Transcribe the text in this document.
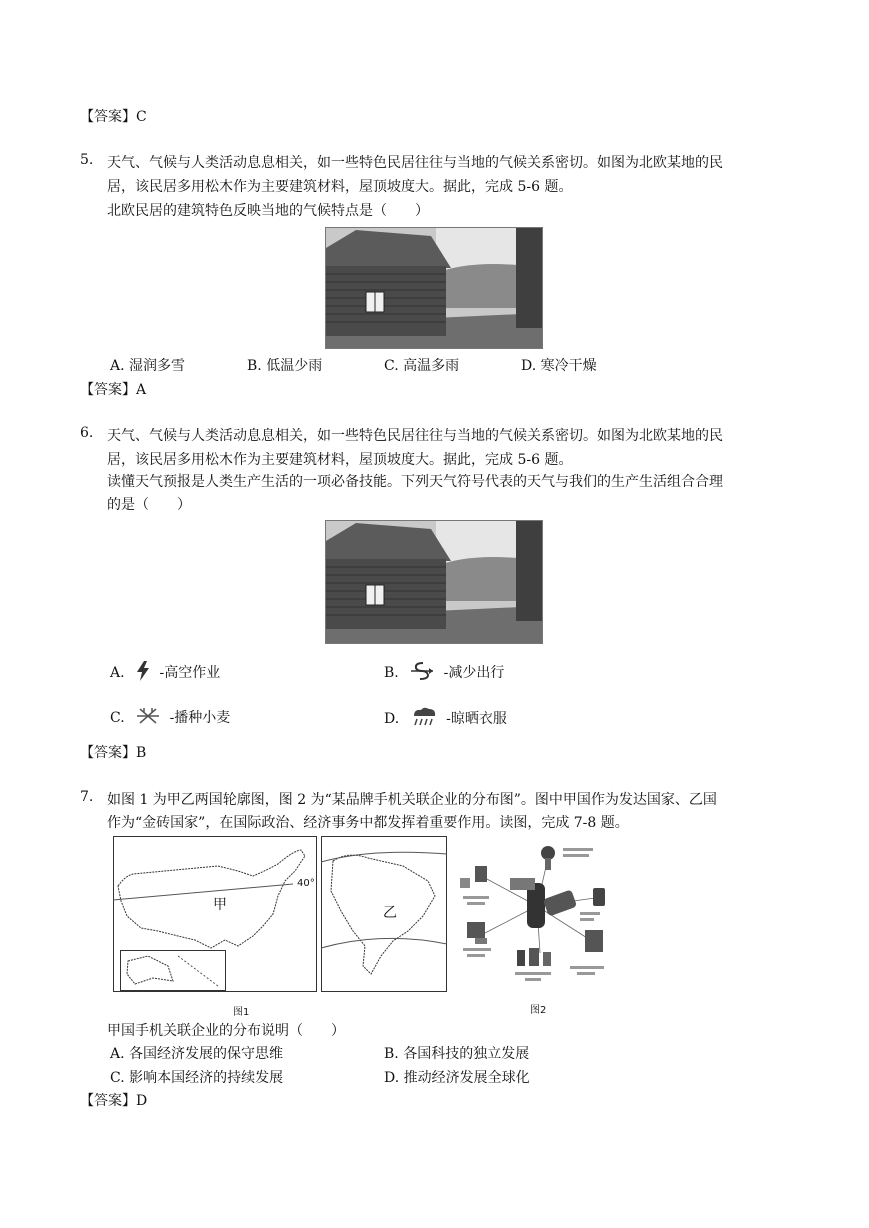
【答案】C
5. 天气、气候与人类活动息息相关，如一些特色民居往往与当地的气候关系密切。如图为北欧某地的民
居，该民居多用松木作为主要建筑材料，屋顶坡度大。据此，完成 5-6 题。
北欧民居的建筑特色反映当地的气候特点是（　　）
A. 湿润多雪	B. 低温少雨	C. 高温多雨	D. 寒冷干燥
【答案】A
6. 天气、气候与人类活动息息相关，如一些特色民居往往与当地的气候关系密切。如图为北欧某地的民
居，该民居多用松木作为主要建筑材料，屋顶坡度大。据此，完成 5-6 题。
读懂天气预报是人类生产生活的一项必备技能。下列天气符号代表的天气与我们的生产生活组合合理
的是（　　）
A. -高空作业	B.	-减少出行
C.	-播种小麦	D.	-晾晒衣服
【答案】B
7. 如图 1 为甲乙两国轮廓图，图 2 为“某品牌手机关联企业的分布图”。图中甲国作为发达国家、乙国
作为“金砖国家”，在国际政治、经济事务中都发挥着重要作用。读图，完成 7-8 题。
甲	乙
40°
图1	图2
甲国手机关联企业的分布说明（　　）
A. 各国经济发展的保守思维	B. 各国科技的独立发展
C. 影响本国经济的持续发展	D. 推动经济发展全球化
【答案】D
